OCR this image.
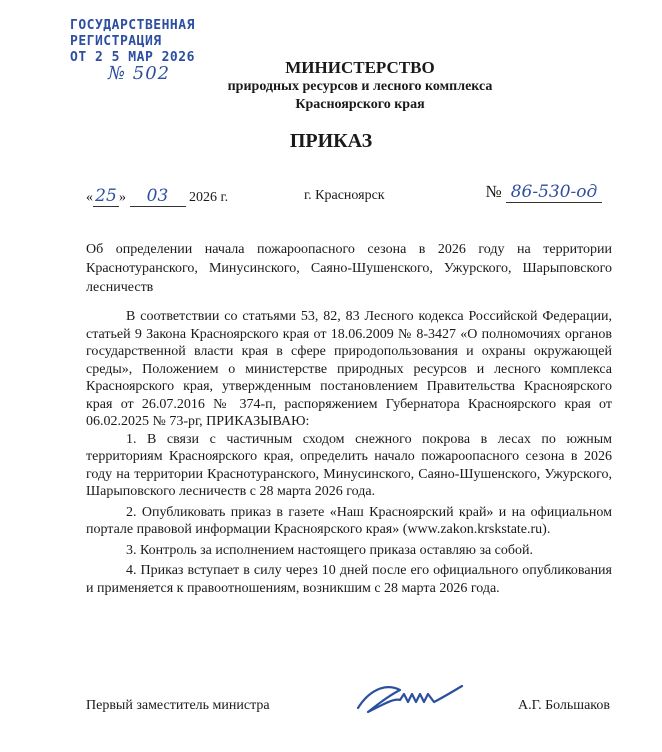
ГОСУДАРСТВЕННАЯ
РЕГИСТРАЦИЯ
ОТ 2 5 МАР 2026
№ 502	МИНИСТЕРСТВО
природных ресурсов и лесного комплекса
Красноярского края
ПРИКАЗ
« 25 » 03 2026 г.	г. Красноярск	№ 86-530-од
Об определении начала пожароопасного сезона в 2026 году на территории Краснотуранского, Минусинского, Саяно-Шушенского, Ужурского, Шарыповского лесничеств

В соответствии со статьями 53, 82, 83 Лесного кодекса Российской Федерации, статьей 9 Закона Красноярского края от 18.06.2009 № 8-3427 «О полномочиях органов государственной власти края в сфере природопользования и охраны окружающей среды», Положением о министерстве природных ресурсов и лесного комплекса Красноярского края, утвержденным постановлением Правительства Красноярского края от 26.07.2016 № 374-п, распоряжением Губернатора Красноярского края от 06.02.2025 № 73-рг, ПРИКАЗЫВАЮ:

1. В связи с частичным сходом снежного покрова в лесах по южным территориям Красноярского края, определить начало пожароопасного сезона в 2026 году на территории Краснотуранского, Минусинского, Саяно-Шушенского, Ужурского, Шарыповского лесничеств с 28 марта 2026 года.

2. Опубликовать приказ в газете «Наш Красноярский край» и на официальном портале правовой информации Красноярского края» (www.zakon.krskstate.ru).

3. Контроль за исполнением настоящего приказа оставляю за собой.

4. Приказ вступает в силу через 10 дней после его официального опубликования и применяется к правоотношениям, возникшим с 28 марта 2026 года.

Первый заместитель министра	А.Г. Большаков
